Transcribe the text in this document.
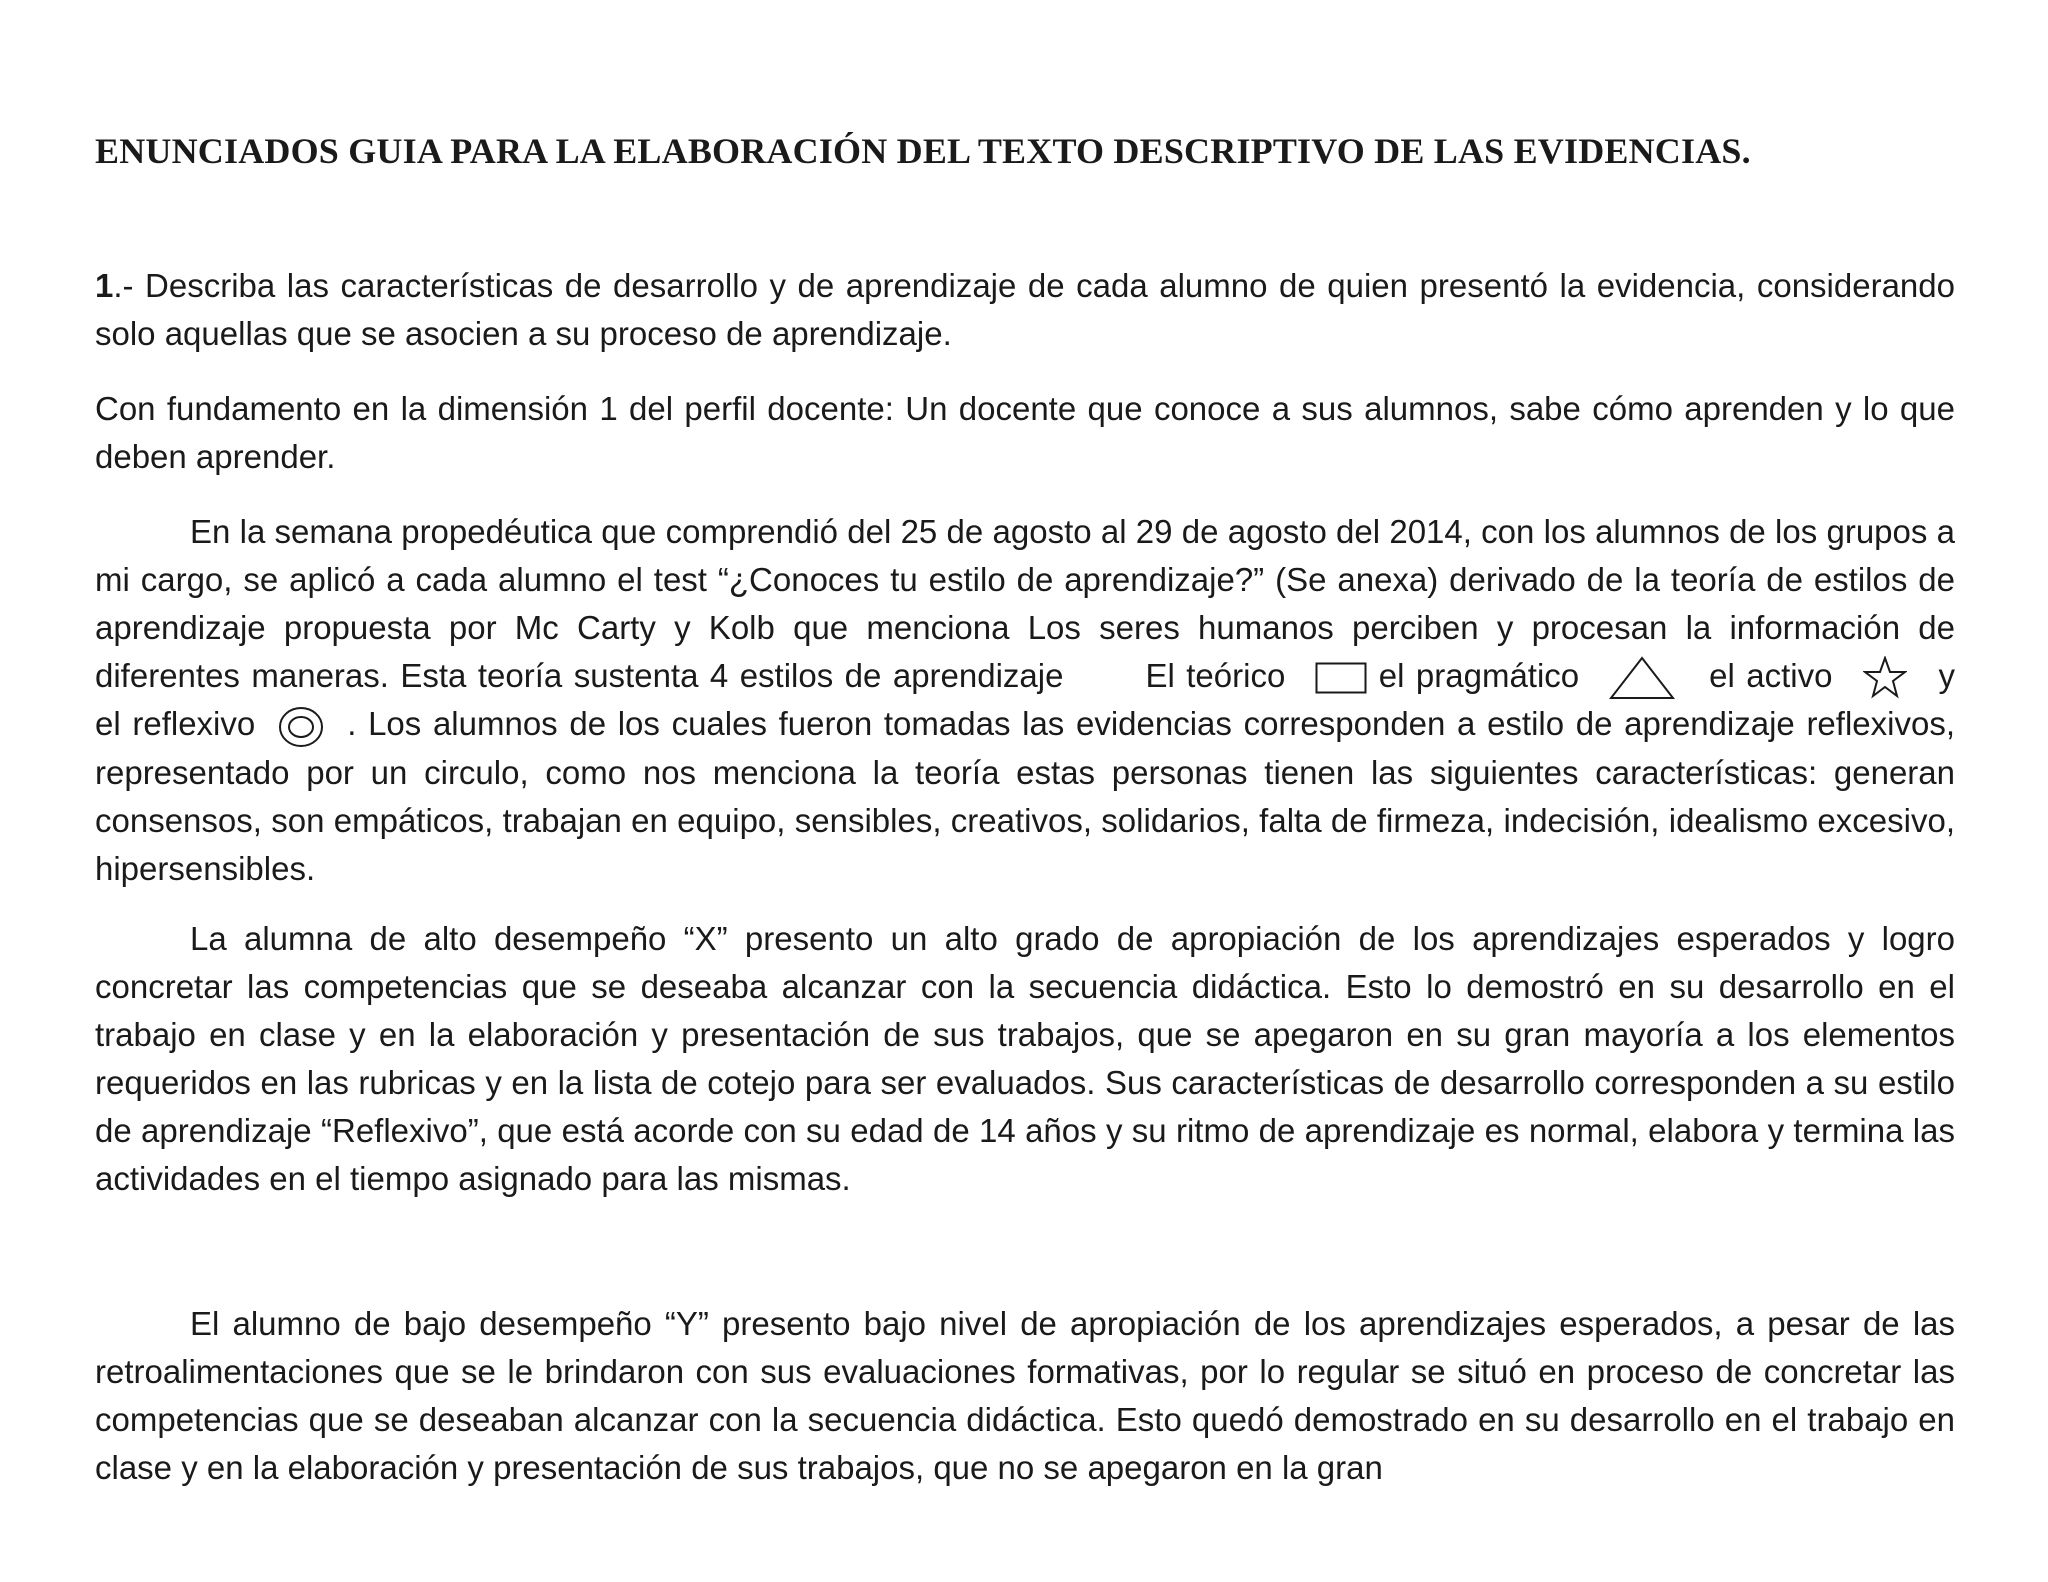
ENUNCIADOS GUIA PARA LA ELABORACIÓN DEL TEXTO DESCRIPTIVO DE LAS EVIDENCIAS.

1.- Describa las características de desarrollo y de aprendizaje de cada alumno de quien presentó la evidencia, considerando solo aquellas que se asocien a su proceso de aprendizaje.

Con fundamento en la dimensión 1 del perfil docente: Un docente que conoce a sus alumnos, sabe cómo aprenden y lo que deben aprender.

En la semana propedéutica que comprendió del 25 de agosto al 29 de agosto del 2014, con los alumnos de los grupos a mi cargo, se aplicó a cada alumno el test “¿Conoces tu estilo de aprendizaje?” (Se anexa) derivado de la teoría de estilos de aprendizaje propuesta por Mc Carty y Kolb que menciona Los seres humanos perciben y procesan la información de diferentes maneras. Esta teoría sustenta 4 estilos de aprendizaje El teórico	el pragmático	el activo	y el reflexivo	. Los alumnos de los cuales fueron tomadas las evidencias corresponden a estilo de aprendizaje reflexivos, representado por un circulo, como nos menciona la teoría estas personas tienen las siguientes características: generan consensos, son empáticos, trabajan en equipo, sensibles, creativos, solidarios, falta de firmeza, indecisión, idealismo excesivo, hipersensibles.

La alumna de alto desempeño “X” presento un alto grado de apropiación de los aprendizajes esperados y logro concretar las competencias que se deseaba alcanzar con la secuencia didáctica. Esto lo demostró en su desarrollo en el trabajo en clase y en la elaboración y presentación de sus trabajos, que se apegaron en su gran mayoría a los elementos requeridos en las rubricas y en la lista de cotejo para ser evaluados. Sus características de desarrollo corresponden a su estilo de aprendizaje “Reflexivo”, que está acorde con su edad de 14 años y su ritmo de aprendizaje es normal, elabora y termina las actividades en el tiempo asignado para las mismas.

El alumno de bajo desempeño “Y” presento bajo nivel de apropiación de los aprendizajes esperados, a pesar de las retroalimentaciones que se le brindaron con sus evaluaciones formativas, por lo regular se situó en proceso de concretar las competencias que se deseaban alcanzar con la secuencia didáctica. Esto quedó demostrado en su desarrollo en el trabajo en clase y en la elaboración y presentación de sus trabajos, que no se apegaron en la gran
